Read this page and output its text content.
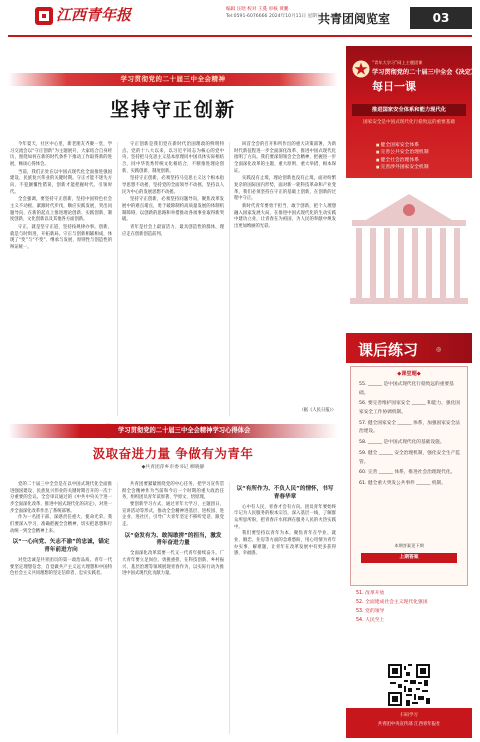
江西青年报	编辑 汪晗 校对 王蔓 审核 黄鹏
Tel:0591-6076666 2024年10月11日 星期五
共青团阅览室	03
学习贯彻党的二十届三中全会精神
坚持守正创新

今年夏天，社区中心里，新老朋友齐聚一堂，学习交流会以“守正创新”为主题展开，大家结合自身经历，围绕如何在新的时代条件下推动工作取得新的进展，畅谈心得体会。

当前，我们正处在以中国式现代化全面推进强国建设、民族复兴伟业的关键时期。守正才能不迷失方向、不犯颠覆性错误，创新才能把握时代、引领时代。

全会强调，要坚持守正创新，坚持中国特色社会主义不动摇，紧跟时代步伐，顺应实践发展，突出问题导向，在新的起点上推进理论创新、实践创新、制度创新、文化创新以及其他各方面创新。

守正，就是坚守正道，坚持按规律办事。创新，就是与时俱进，开拓新局。守正与创新相辅相成，体现了“变”与“不变”、继承与发展、原则性与创造性的辩证统一。

守正创新是我们党在新时代治国理政的鲜明特点。党的十八大以来，以习近平同志为核心的党中央，坚持把马克思主义基本原理同中国具体实际相结合、同中华优秀传统文化相结合，不断推进理论创新、实践创新、制度创新。

坚持守正创新，必须坚持马克思主义这个根本指导思想不动摇，坚持党的全面领导不动摇，坚持以人民为中心的发展思想不动摇。

坚持守正创新，必须坚持问题导向，聚焦改革发展中的难点堵点，勇于破除制约高质量发展的体制机制障碍，以创新的思路和举措推动各项事业取得新突破。

青年是社会上最富活力、最具创造性的群体，理应走在创新创造前列。

回首全会的召开和所作出的重大决策部署，为新时代新征程进一步全面深化改革、推进中国式现代化指明了方向。我们要深刻领会全会精神，把握进一步全面深化改革的主题、重大原则、重大举措、根本保证。

实践没有止境，理论创新也没有止境。面对纷繁复杂的国际国内形势，面对新一轮科技革命和产业变革，我们必须坚持在守正的基础上创新，在创新的过程中守正。

新时代青年要勇于担当、敢于创新，把个人理想融入国家发展大局，在推进中国式现代化的生动实践中建功立业，让青春在为祖国、为人民的奉献中焕发出更加绚丽的光彩。

（据《人民日报》）
学习贯彻党的二十届三中全会精神学习心得体会
汲取奋进力量 争做有为青年
◆共青团萍乡市委书记 柳晓静

党的二十届三中全会是在以中国式现代化全面推进强国建设、民族复兴伟业的关键时期召开的一次十分重要的会议。全会审议通过的《中共中央关于进一步全面深化改革、推进中国式现代化的决定》，对进一步全面深化改革作出了系统部署。

作为一名团干部，深感责任重大、使命光荣。我们要深入学习、准确把握全会精神，切实把思想和行动统一到全会精神上来。

以“一心向党、矢志不渝”的忠诚，锚定青年前进方向

对党忠诚是共青团员的第一政治品质。青年一代要坚定理想信念，自觉做共产主义远大理想和中国特色社会主义共同理想的坚定信仰者、忠实实践者。

共青团要紧紧围绕党的中心任务，把学习宣传贯彻全会精神作为当前和今后一个时期的重大政治任务，组织团员青年读原著、学原文、悟原理。

要创新学习方式，通过青年大学习、主题团日、宣讲活动等形式，推动全会精神进基层、进校园、进企业、进社区，引导广大青年坚定不移听党话、跟党走。

以“奋发有为、敢闯敢拼”的担当，激发青年奋进力量

全面深化改革需要一代又一代青年接续奋斗。广大青年要立足岗位、勇挑重担，在科技创新、乡村振兴、基层治理等领域展现青春作为，以实际行动为推进中国式现代化贡献力量。

以“有所作为、不负人民”的情怀，书写青春华章

心中有人民，青春才会有方向。团员青年要始终牢记为人民服务的根本宗旨，深入基层一线，了解群众所思所盼，把青春汗水挥洒在服务人民的火热实践中。

我们要坚持以青年为本，聚焦青年在学业、就业、婚恋、住房等方面的急难愁盼，用心用情为青年办实事、解难题，让青年在改革发展中有更多获得感、幸福感。

“青年大学习”网上主题团课
学习贯彻党的二十届三中全会《决定》
每日一课
推进国家安全体系和能力现代化
国家安全是中国式现代化行稳致远的重要基础
■ 健全国家安全体系
■ 完善公共安全治理机制
■ 健全社会治理体系
■ 完善涉外国家安全机制
课后练习	◎
◆课堂题◆
55. ______ 是中国式现代化行稳致远的重要基础。
56. 要完善维护国家安全 ______ 和能力，强化国家安全工作协调机制。
57. 健全国家安全 ______ 体系，加强国家安全法治建设。
58. ______ 是中国式现代化的基础设施。
59. 健全 ______ 安全治理机制，强化安全生产监管。
60. 完善 ______ 体系，推进社会治理现代化。
61. 健全重大突发公共事件 ______ 机制。
本期答案见下期
上期答案
51. 改革开放
52. 全面建成社会主义现代化强国
53. 党的领导
54. 人民至上
扫码学习
共青团中央宣传部 江西青年报社
